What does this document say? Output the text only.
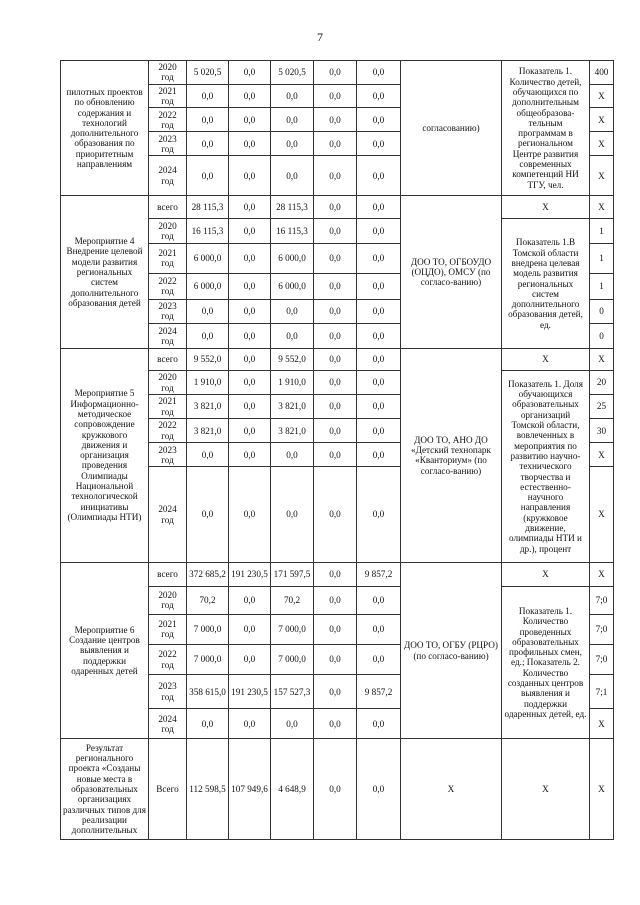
7
пилотных проектов по обновлению содержания и технологий дополнительного образования по приоритетным направлениям	2020 год	5 020,5	0,0	5 020,5	0,0	0,0	согласованию)	Показатель 1. Количество детей, обучающихся по дополнительным общеобразова-тельным программам в региональном Центре развития современных компетенций НИ ТГУ, чел.	400
	2021 год	0,0	0,0	0,0	0,0	0,0			X
	2022 год	0,0	0,0	0,0	0,0	0,0			X
	2023 год	0,0	0,0	0,0	0,0	0,0			X
	2024 год	0,0	0,0	0,0	0,0	0,0			X
Мероприятие 4 Внедрение целевой модели развития региональных систем дополнительного образования детей	всего	28 115,3	0,0	28 115,3	0,0	0,0	ДОО ТО, ОГБОУДО (ОЦДО), ОМСУ (по согласо-ванию)	X	X
	2020 год	16 115,3	0,0	16 115,3	0,0	0,0		Показатель 1.В Томской области внедрена целевая модель развития региональных систем дополнительного образования детей, ед.	1
	2021 год	6 000,0	0,0	6 000,0	0,0	0,0			1
	2022 год	6 000,0	0,0	6 000,0	0,0	0,0			1
	2023 год	0,0	0,0	0,0	0,0	0,0			0
	2024 год	0,0	0,0	0,0	0,0	0,0			0
Мероприятие 5 Информационно-методическое сопровождение кружкового движения и организация проведения Олимпиады Национальной технологической инициативы (Олимпиады НТИ)	всего	9 552,0	0,0	9 552,0	0,0	0,0	ДОО ТО, АНО ДО «Детский технопарк «Кванториум» (по согласо-ванию)	X	X
	2020 год	1 910,0	0,0	1 910,0	0,0	0,0		Показатель 1. Доля обучающихся образовательных организаций Томской области, вовлеченных в мероприятия по развитию научно-технического творчества и естественно-научного направления (кружковое движение, олимпиады НТИ и др.), процент	20
	2021 год	3 821,0	0,0	3 821,0	0,0	0,0			25
	2022 год	3 821,0	0,0	3 821,0	0,0	0,0			30
	2023 год	0,0	0,0	0,0	0,0	0,0			X
	2024 год	0,0	0,0	0,0	0,0	0,0			X
Мероприятие 6 Создание центров выявления и поддержки одаренных детей	всего	372 685,2	191 230,5	171 597,5	0,0	9 857,2	ДОО ТО, ОГБУ (РЦРО) (по согласо-ванию)	X	X
	2020 год	70,2	0,0	70,2	0,0	0,0		Показатель 1. Количество проведенных образовательных профильных смен, ед.; Показатель 2. Количество созданных центров выявления и поддержки одаренных детей, ед.	7;0
	2021 год	7 000,0	0,0	7 000,0	0,0	0,0			7;0
	2022 год	7 000,0	0,0	7 000,0	0,0	0,0			7;0
	2023 год	358 615,0	191 230,5	157 527,3	0,0	9 857,2			7;1
	2024 год	0,0	0,0	0,0	0,0	0,0			X
Результат регионального проекта «Созданы новые места в образовательных организациях различных типов для реализации дополнительных	Всего	112 598,5	107 949,6	4 648,9	0,0	0,0	X	X	X
